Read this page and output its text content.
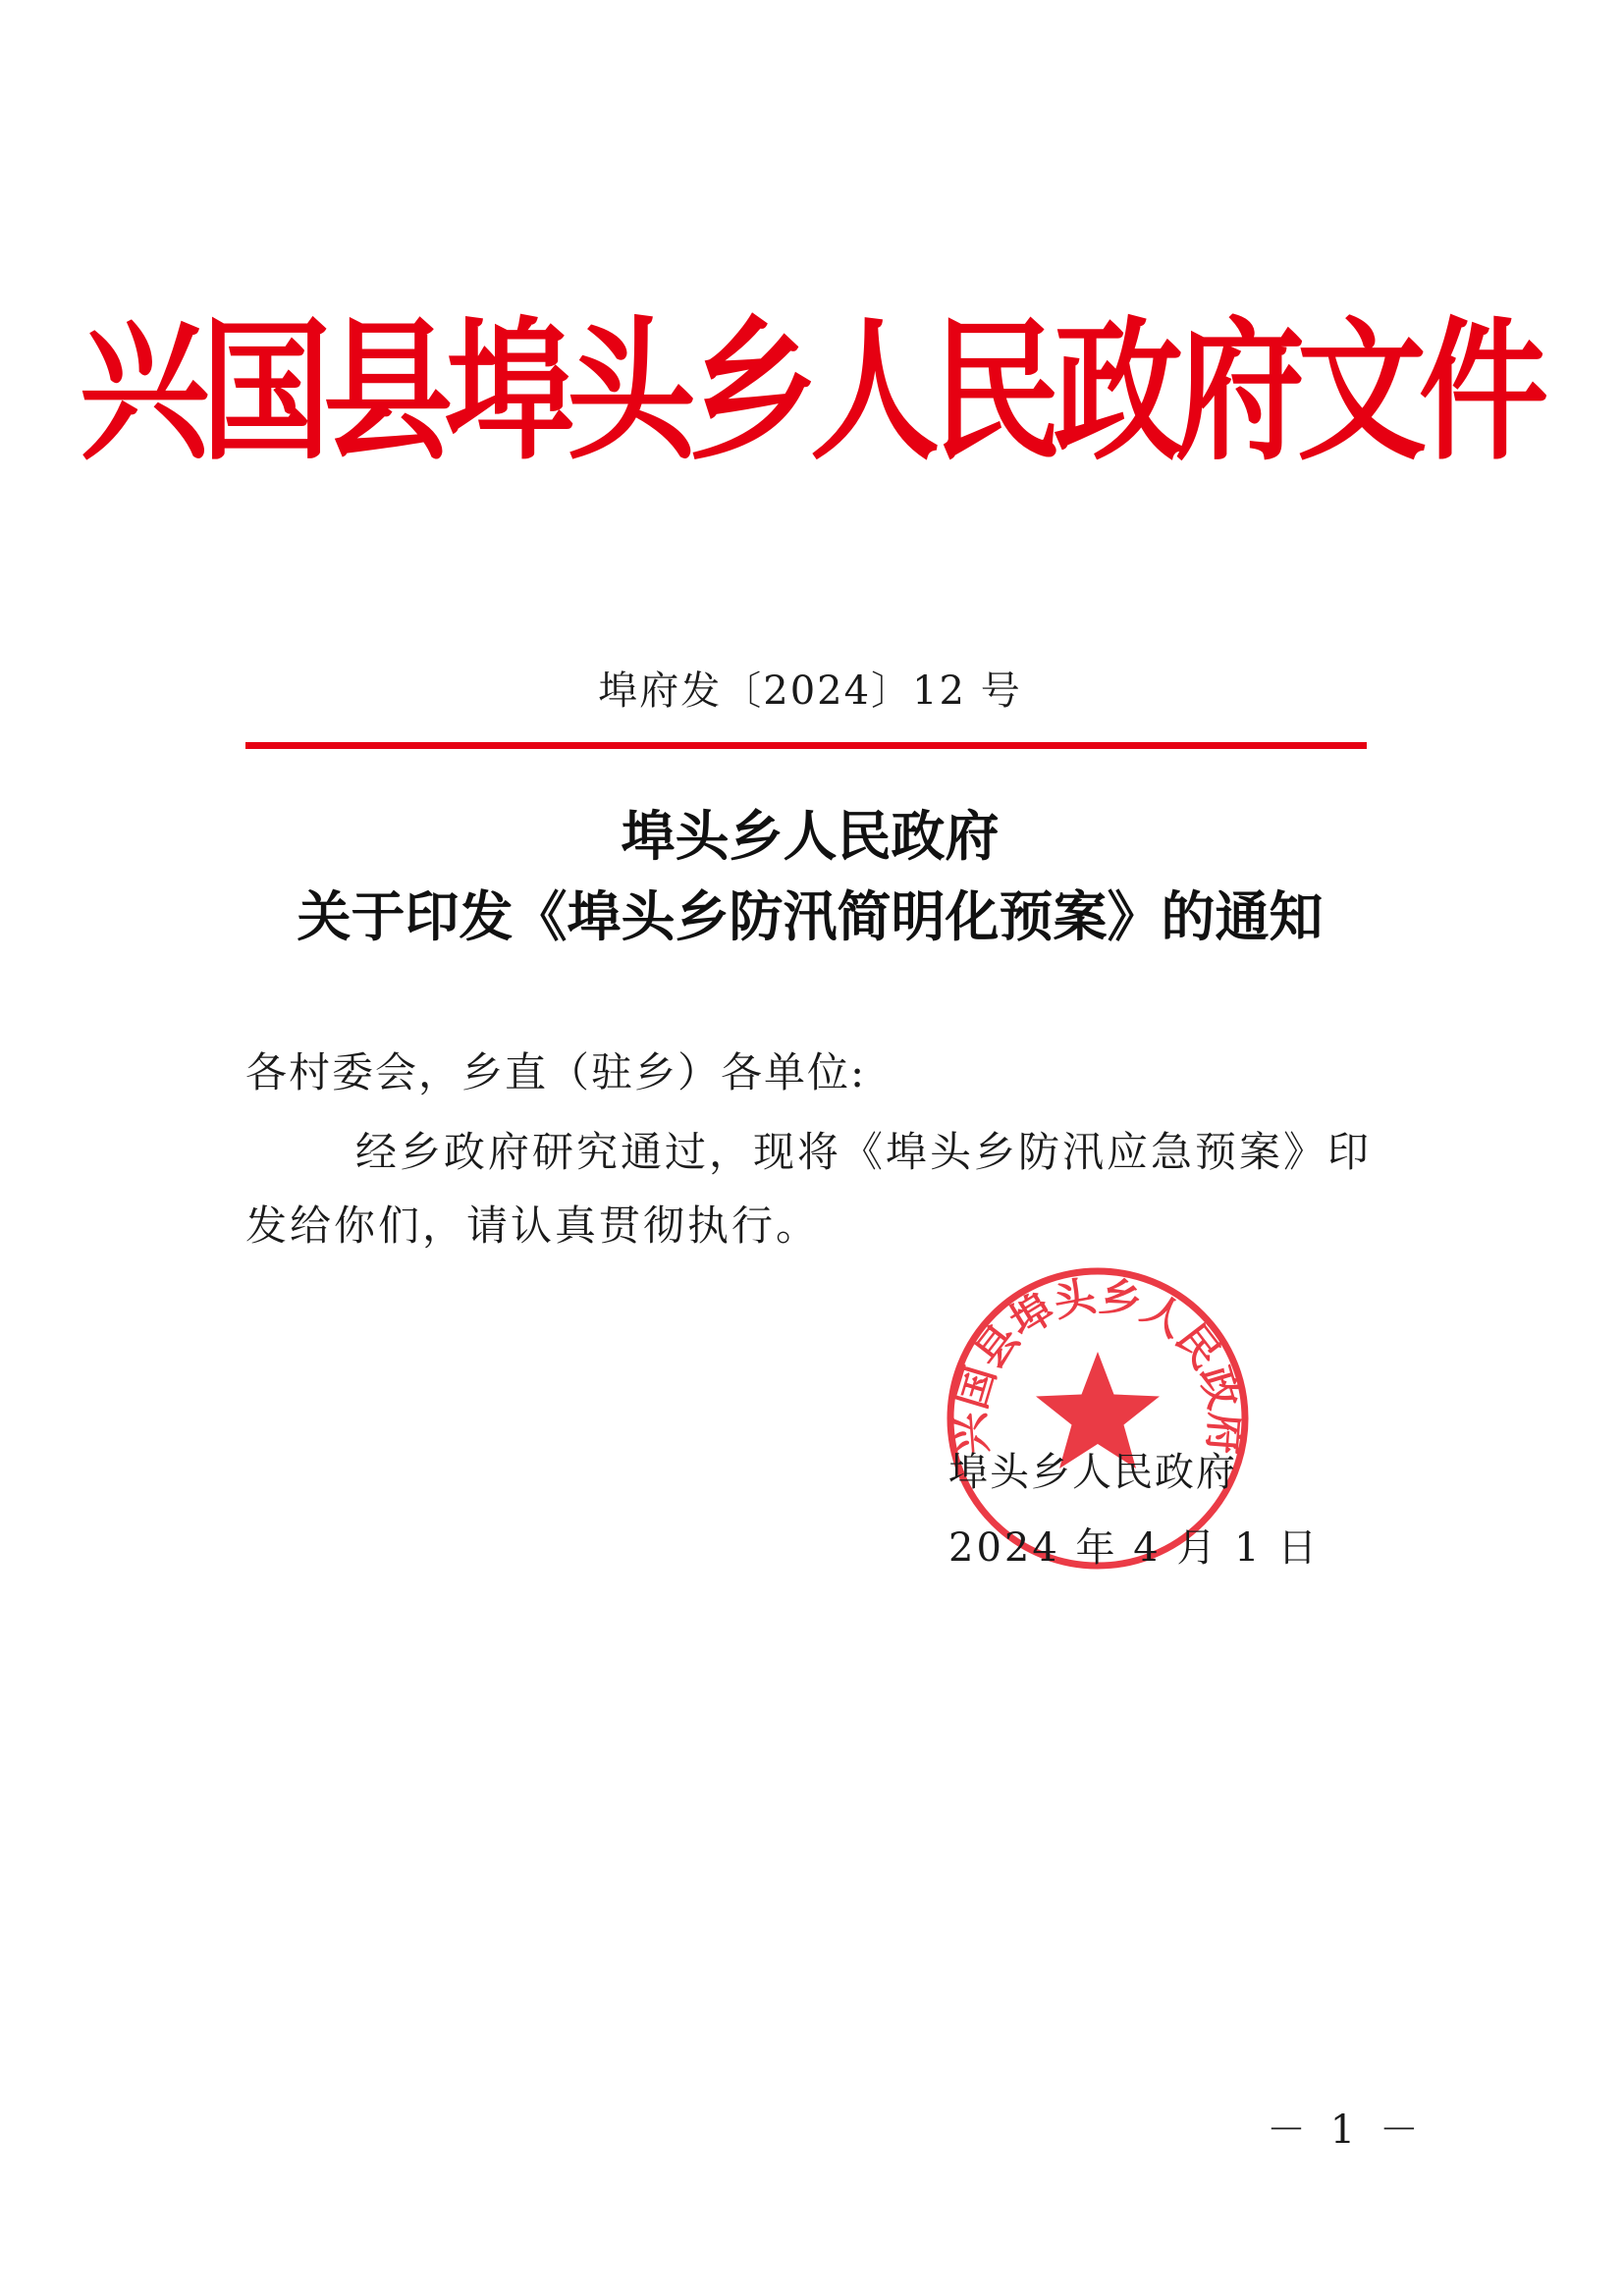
兴国县埠头乡人民政府文件
埠府发〔2024〕12 号
埠头乡人民政府
关于印发《埠头乡防汛简明化预案》的通知
各村委会，乡直（驻乡）各单位:
经乡政府研究通过，现将《埠头乡防汛应急预案》印
发给你们，请认真贯彻执行。
兴国县埠头乡人民政府
埠头乡人民政府
2024 年 4 月 1 日
－ 1 －
